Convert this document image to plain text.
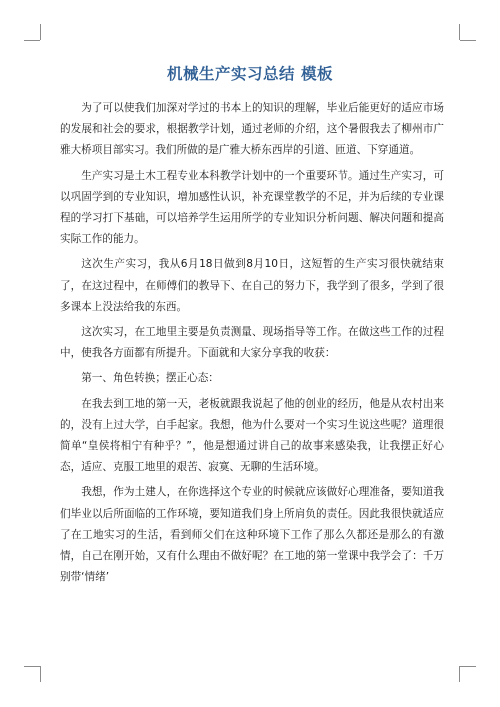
机械生产实习总结 模板

为了可以使我们加深对学过的书本上的知识的理解，毕业后能更好的适应市场的发展和社会的要求，根据教学计划，通过老师的介绍，这个暑假我去了柳州市广雅大桥项目部实习。我们所做的是广雅大桥东西岸的引道、匝道、下穿通道。

生产实习是土木工程专业本科教学计划中的一个重要环节。通过生产实习，可以巩固学到的专业知识，增加感性认识，补充课堂教学的不足，并为后续的专业课程的学习打下基础，可以培养学生运用所学的专业知识分析问题、解决问题和提高实际工作的能力。

这次生产实习，我从6月18日做到8月10日，这短暂的生产实习很快就结束了，在这过程中，在师傅们的教导下、在自己的努力下，我学到了很多，学到了很多课本上没法给我的东西。

这次实习，在工地里主要是负责测量、现场指导等工作。在做这些工作的过程中，使我各方面都有所提升。下面就和大家分享我的收获：

第一、角色转换；摆正心态：

在我去到工地的第一天，老板就跟我说起了他的创业的经历，他是从农村出来的，没有上过大学，白手起家。我想，他为什么要对一个实习生说这些呢？道理很简单“皇侯将相宁有种乎？”，他是想通过讲自己的故事来感染我，让我摆正好心态，适应、克服工地里的艰苦、寂寞、无聊的生活环境。

我想，作为土建人，在你选择这个专业的时候就应该做好心理准备，要知道我们毕业以后所面临的工作环境，要知道我们身上所肩负的责任。因此我很快就适应了在工地实习的生活，看到师父们在这种环境下工作了那么久都还是那么的有激情，自己在刚开始，又有什么理由不做好呢？在工地的第一堂课中我学会了：千万别带‘情绪’
